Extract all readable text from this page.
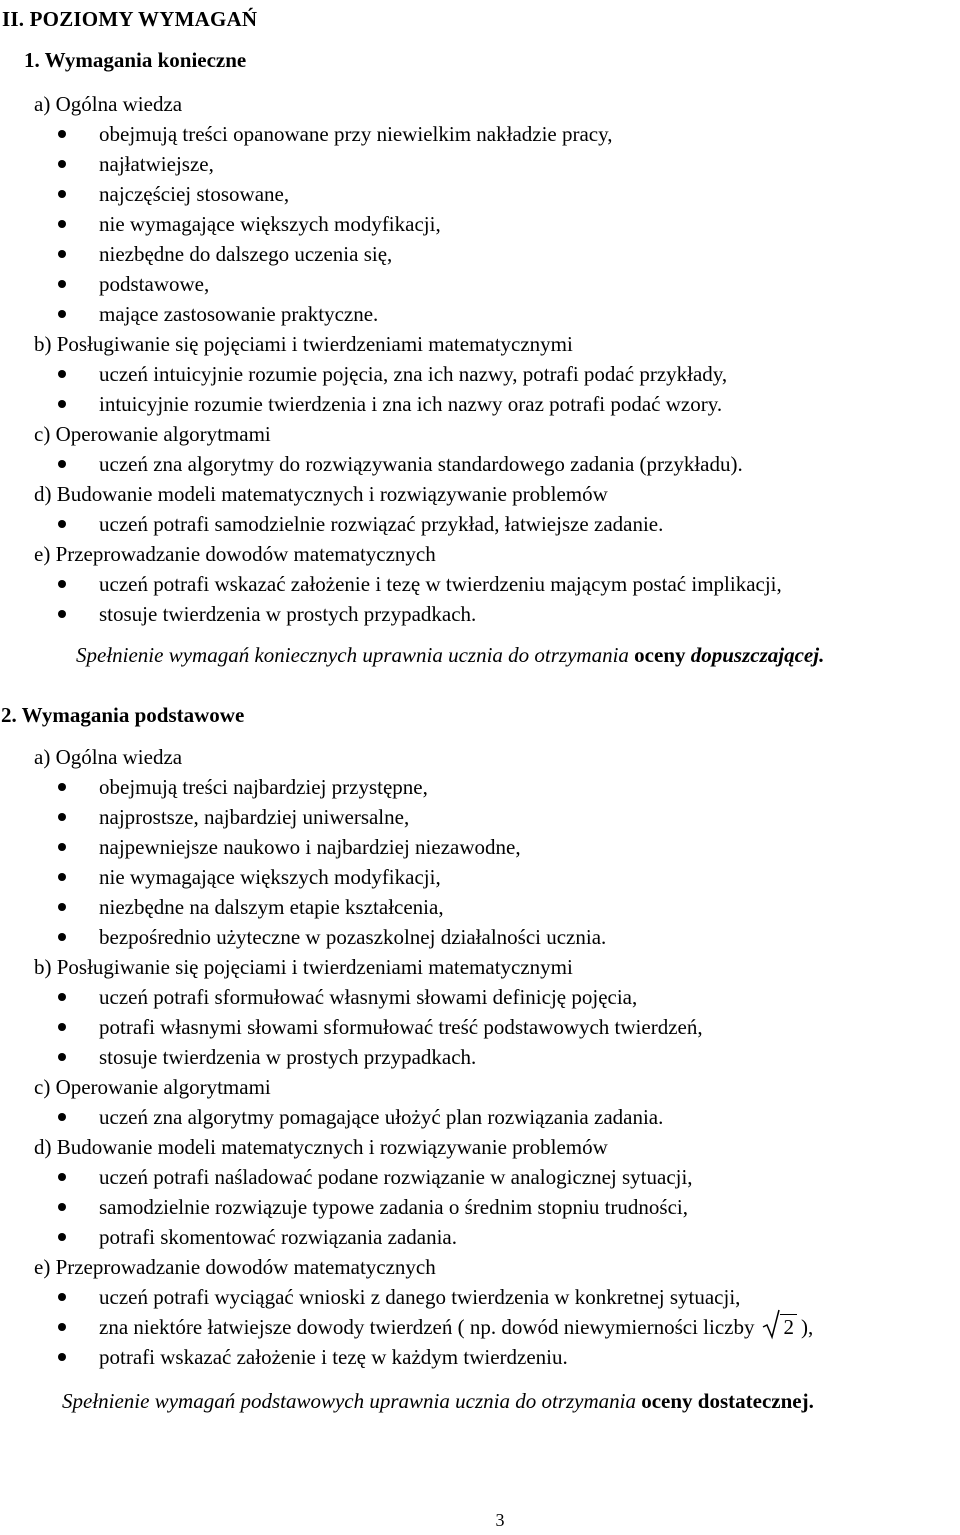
II. POZIOMY WYMAGAŃ
1. Wymagania konieczne
a) Ogólna wiedza
obejmują treści opanowane przy niewielkim nakładzie pracy,
najłatwiejsze,
najczęściej stosowane,
nie wymagające większych modyfikacji,
niezbędne do dalszego uczenia się,
podstawowe,
mające zastosowanie praktyczne.
b) Posługiwanie się pojęciami i twierdzeniami matematycznymi
uczeń intuicyjnie rozumie pojęcia, zna ich nazwy, potrafi podać przykłady,
intuicyjnie rozumie twierdzenia i zna ich nazwy oraz potrafi podać wzory.
c) Operowanie algorytmami
uczeń zna algorytmy do rozwiązywania standardowego zadania (przykładu).
d) Budowanie modeli matematycznych i rozwiązywanie problemów
uczeń potrafi samodzielnie rozwiązać przykład, łatwiejsze zadanie.
e) Przeprowadzanie dowodów matematycznych
uczeń potrafi wskazać założenie i tezę w twierdzeniu mającym postać implikacji,
stosuje twierdzenia w prostych przypadkach.
Spełnienie wymagań koniecznych uprawnia ucznia do otrzymania oceny dopuszczającej.
2. Wymagania podstawowe
a) Ogólna wiedza
obejmują treści najbardziej przystępne,
najprostsze, najbardziej uniwersalne,
najpewniejsze naukowo i najbardziej niezawodne,
nie wymagające większych modyfikacji,
niezbędne na dalszym etapie kształcenia,
bezpośrednio użyteczne w pozaszkolnej działalności ucznia.
b) Posługiwanie się pojęciami i twierdzeniami matematycznymi
uczeń potrafi sformułować własnymi słowami definicję pojęcia,
potrafi własnymi słowami sformułować treść podstawowych twierdzeń,
stosuje twierdzenia w prostych przypadkach.
c) Operowanie algorytmami
uczeń zna algorytmy pomagające ułożyć plan rozwiązania zadania.
d) Budowanie modeli matematycznych i rozwiązywanie problemów
uczeń potrafi naśladować podane rozwiązanie w analogicznej sytuacji,
samodzielnie rozwiązuje typowe zadania o średnim stopniu trudności,
potrafi skomentować rozwiązania zadania.
e) Przeprowadzanie dowodów matematycznych
uczeń potrafi wyciągać wnioski z danego twierdzenia w konkretnej sytuacji,
zna niektóre łatwiejsze dowody twierdzeń ( np. dowód niewymierności liczby 2 ),
potrafi wskazać założenie i tezę w każdym twierdzeniu.
Spełnienie wymagań podstawowych uprawnia ucznia do otrzymania oceny dostatecznej.
3
